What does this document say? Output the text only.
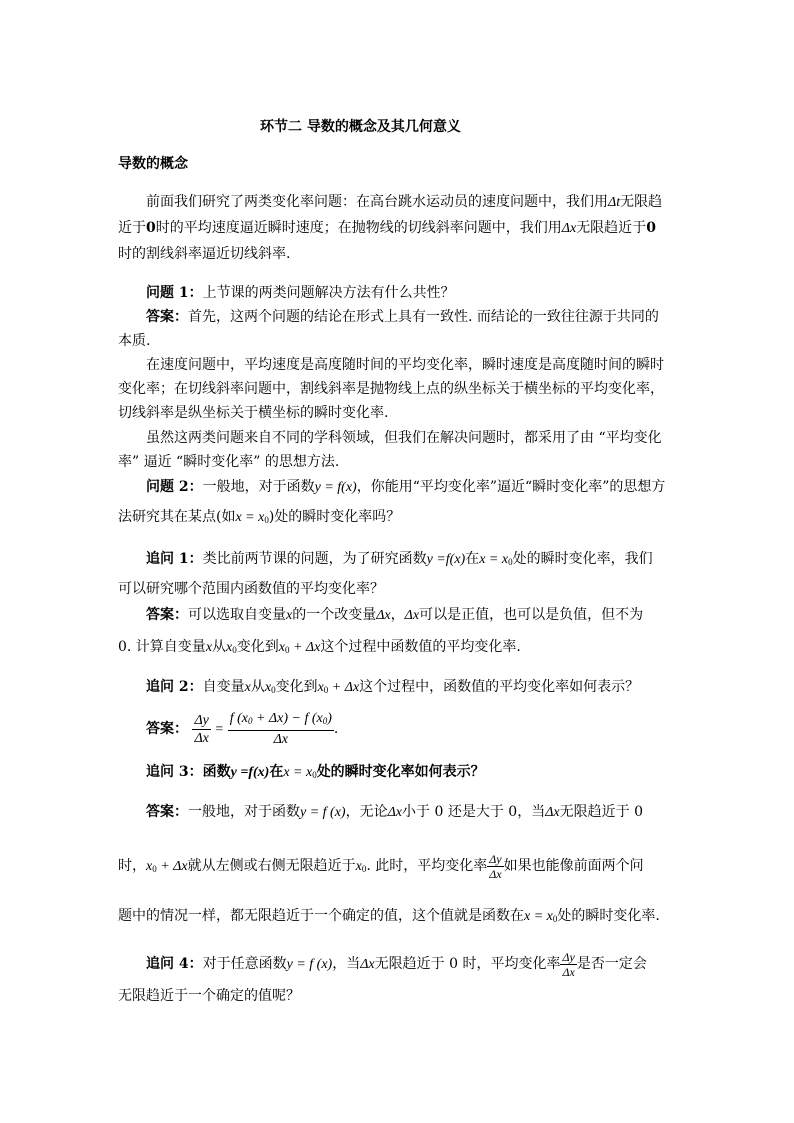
环节二 导数的概念及其几何意义
导数的概念
前面我们研究了两类变化率问题：在高台跳水运动员的速度问题中，我们用Δt无限趋
近于0时的平均速度逼近瞬时速度；在抛物线的切线斜率问题中，我们用Δx无限趋近于0
时的割线斜率逼近切线斜率.
问题 1：上节课的两类问题解决方法有什么共性？
答案：首先，这两个问题的结论在形式上具有一致性. 而结论的一致往往源于共同的
本质.
在速度问题中，平均速度是高度随时间的平均变化率，瞬时速度是高度随时间的瞬时
变化率；在切线斜率问题中，割线斜率是抛物线上点的纵坐标关于横坐标的平均变化率，
切线斜率是纵坐标关于横坐标的瞬时变化率.
虽然这两类问题来自不同的学科领域，但我们在解决问题时，都采用了由 “平均变化
率” 逼近 “瞬时变化率” 的思想方法.
问题 2：一般地，对于函数y = f(x)，你能用“平均变化率”逼近“瞬时变化率”的思想方
法研究其在某点(如$x = x_0$)处的瞬时变化率吗？
追问 1：类比前两节课的问题，为了研究函数y =f(x)在$x = x_0$处的瞬时变化率，我们
可以研究哪个范围内函数值的平均变化率？
答案：可以选取自变量x的一个改变量Δx，Δx可以是正值，也可以是负值，但不为
0. 计算自变量x从$x_0$变化到$x_0 + \Delta x$这个过程中函数值的平均变化率.
追问 2：自变量x从$x_0$变化到$x_0 + \Delta x$这个过程中，函数值的平均变化率如何表示？
答案： $\frac{\Delta y}{\Delta x} = \frac{f (x_0 + \Delta x) - f (x_0)}{\Delta x}$ .
追问 3：函数y =f(x)在$x = x_0$处的瞬时变化率如何表示？
答案：一般地，对于函数y = f (x)，无论Δx小于 0 还是大于 0，当Δx无限趋近于 0
时，$x_0 + \Delta x$就从左侧或右侧无限趋近于$x_0$. 此时，平均变化率 $\frac{\Delta y}{\Delta x}$ 如果也能像前面两个问
题中的情况一样，都无限趋近于一个确定的值，这个值就是函数在$x = x_0$处的瞬时变化率.
追问 4：对于任意函数y = f (x)，当Δx无限趋近于 0 时，平均变化率 $\frac{\Delta y}{\Delta x}$ 是否一定会
无限趋近于一个确定的值呢？
